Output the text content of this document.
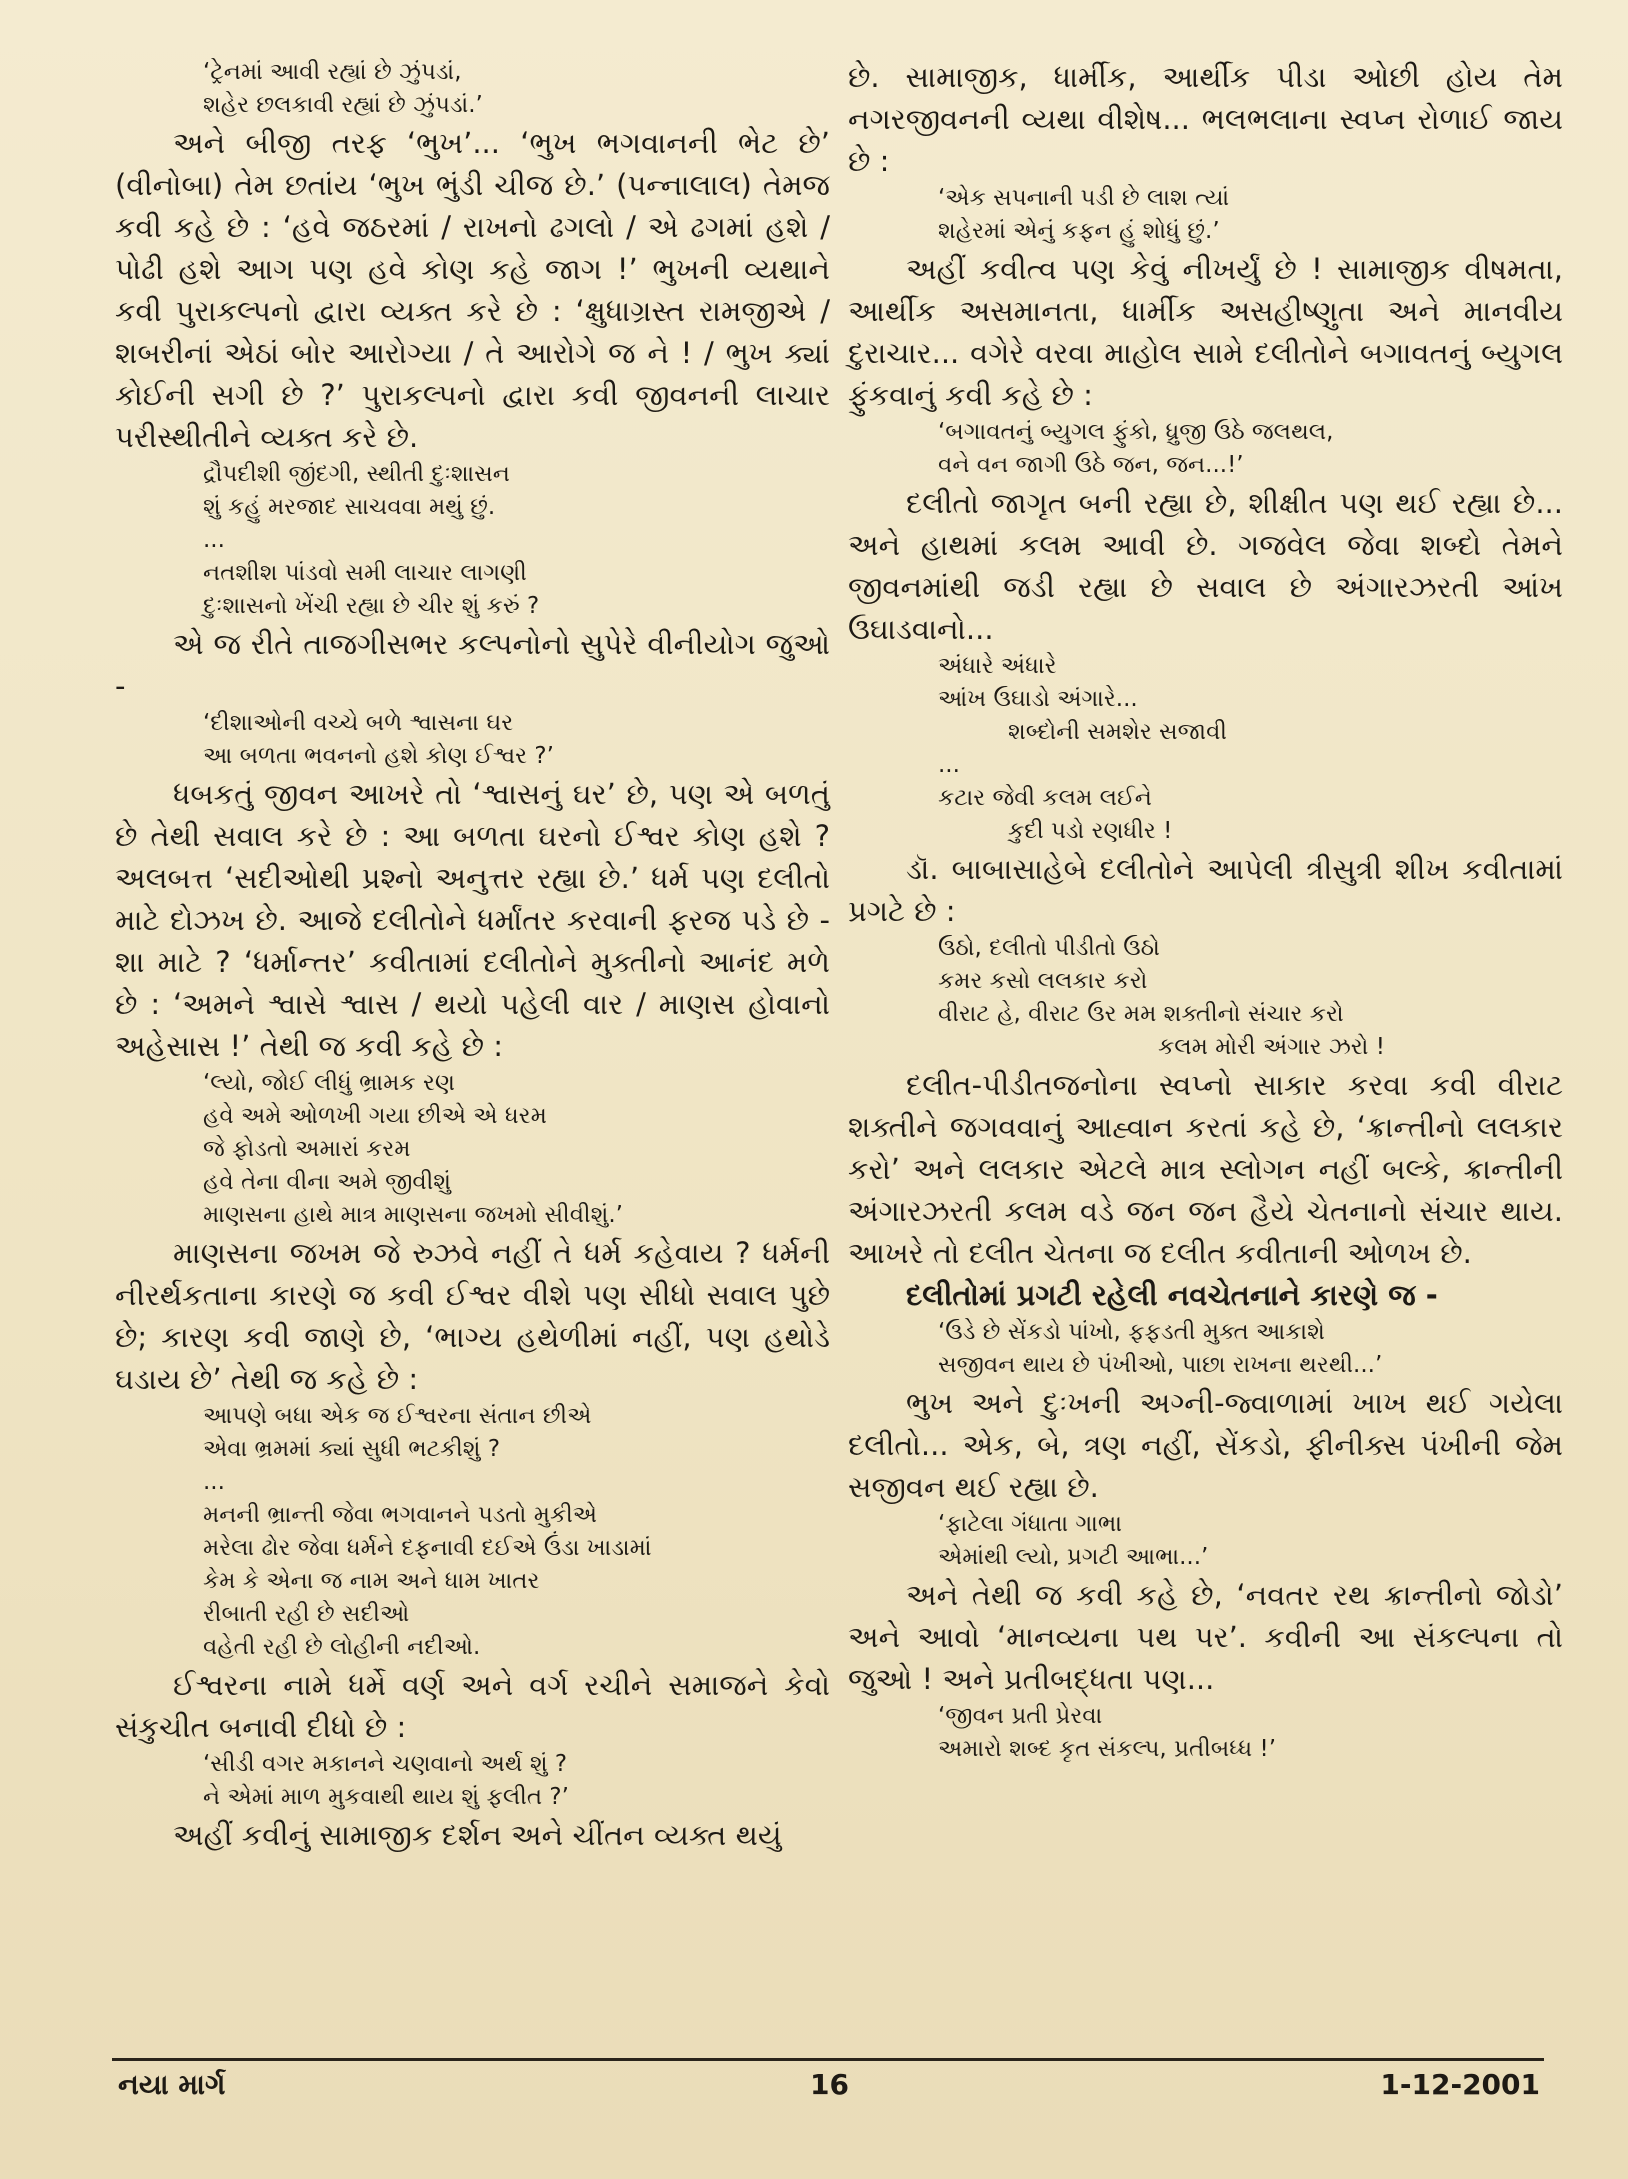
‘ટ્રેનમાં આવી રહ્યાં છે ઝુંપડાં,
શહેર છલકાવી રહ્યાં છે ઝુંપડાં.’

અને બીજી તરફ ‘ભુખ’... ‘ભુખ ભગવાનની ભેટ છે’ (વીનોબા) તેમ છતાંય ‘ભુખ ભુંડી ચીજ છે.’ (પન્નાલાલ) તેમજ કવી કહે છે : ‘હવે જઠરમાં / રાખનો ઢગલો / એ ઢગમાં હશે / પોઢી હશે આગ પણ હવે કોણ કહે જાગ !’ ભુખની વ્યથાને કવી પુરાકલ્પનો દ્વારા વ્યક્ત કરે છે : ‘ક્ષુધાગ્રસ્ત રામજીએ / શબરીનાં એઠાં બોર આરોગ્યા / તે આરોગે જ ને ! / ભુખ ક્યાં કોઈની સગી છે ?’ પુરાકલ્પનો દ્વારા કવી જીવનની લાચાર પરીસ્થીતીને વ્યક્ત કરે છે.

દ્રૌપદીશી જીંદગી, સ્થીતી દુઃશાસન
શું કહું મરજાદ સાચવવા મથું છું.
...
નતશીશ પાંડવો સમી લાચાર લાગણી
દુઃશાસનો ખેંચી રહ્યા છે ચીર શું કરું ?

એ જ રીતે તાજગીસભર કલ્પનોનો સુપેરે વીનીયોગ જુઓ -

‘દીશાઓની વચ્ચે બળે શ્વાસના ઘર
આ બળતા ભવનનો હશે કોણ ઈશ્વર ?’

ધબકતું જીવન આખરે તો ‘શ્વાસનું ઘર’ છે, પણ એ બળતું છે તેથી સવાલ કરે છે : આ બળતા ઘરનો ઈશ્વર કોણ હશે ? અલબત્ત ‘સદીઓથી પ્રશ્નો અનુત્તર રહ્યા છે.’ ધર્મ પણ દલીતો માટે દોઝખ છે. આજે દલીતોને ધર્માંતર કરવાની ફરજ પડે છે - શા માટે ? ‘ધર્માન્તર’ કવીતામાં દલીતોને મુક્તીનો આનંદ મળે છે : ‘અમને શ્વાસે શ્વાસ / થયો પહેલી વાર / માણસ હોવાનો અહેસાસ !’ તેથી જ કવી કહે છે :

‘લ્યો, જોઈ લીધું ભ્રામક રણ
હવે અમે ઓળખી ગયા છીએ એ ધરમ
જે ફોડતો અમારાં કરમ
હવે તેના વીના અમે જીવીશું
માણસના હાથે માત્ર માણસના જખમો સીવીશું.’

માણસના જખમ જે રુઝવે નહીં તે ધર્મ કહેવાય ? ધર્મની નીરર્થકતાના કારણે જ કવી ઈશ્વર વીશે પણ સીધો સવાલ પુછે છે; કારણ કવી જાણે છે, ‘ભાગ્ય હથેળીમાં નહીં, પણ હથોડે ઘડાય છે’ તેથી જ કહે છે :

આપણે બધા એક જ ઈશ્વરના સંતાન છીએ
એવા ભ્રમમાં ક્યાં સુધી ભટકીશું ?
...
મનની ભ્રાન્તી જેવા ભગવાનને પડતો મુકીએ
મરેલા ઢોર જેવા ધર્મને દફનાવી દઈએ ઉંડા ખાડામાં
કેમ કે એના જ નામ અને ધામ ખાતર
રીબાતી રહી છે સદીઓ
વહેતી રહી છે લોહીની નદીઓ.

ઈશ્વરના નામે ધર્મે વર્ણ અને વર્ગ રચીને સમાજને કેવો સંકુચીત બનાવી દીધો છે :

‘સીડી વગર મકાનને ચણવાનો અર્થ શું ?
ને એમાં માળ મુકવાથી થાય શું ફલીત ?’

અહીં કવીનું સામાજીક દર્શન અને ચીંતન વ્યક્ત થયું

છે. સામાજીક, ધાર્મીક, આર્થીક પીડા ઓછી હોય તેમ નગરજીવનની વ્યથા વીશેષ... ભલભલાના સ્વપ્ન રોળાઈ જાય છે :

‘એક સપનાની પડી છે લાશ ત્યાં
શહેરમાં એનું કફન હું શોધું છું.’

અહીં કવીત્વ પણ કેવું નીખર્યું છે ! સામાજીક વીષમતા, આર્થીક અસમાનતા, ધાર્મીક અસહીષ્ણુતા અને માનવીય દુરાચાર... વગેરે વરવા માહોલ સામે દલીતોને બગાવતનું બ્યુગલ ફુંકવાનું કવી કહે છે :

‘બગાવતનું બ્યુગલ ફુંકો, ધ્રુજી ઉઠે જલથલ,
વને વન જાગી ઉઠે જન, જન...!’

દલીતો જાગૃત બની રહ્યા છે, શીક્ષીત પણ થઈ રહ્યા છે... અને હાથમાં કલમ આવી છે. ગજવેલ જેવા શબ્દો તેમને જીવનમાંથી જડી રહ્યા છે સવાલ છે અંગારઝરતી આંખ ઉઘાડવાનો...

અંધારે અંધારે
આંખ ઉઘાડો અંગારે...
શબ્દોની સમશેર સજાવી
...
કટાર જેવી કલમ લઈને
કુદી પડો રણધીર !

ડૉ. બાબાસાહેબે દલીતોને આપેલી ત્રીસુત્રી શીખ કવીતામાં પ્રગટે છે :

ઉઠો, દલીતો પીડીતો ઉઠો
કમર કસો લલકાર કરો
વીરાટ હે, વીરાટ ઉર મમ શક્તીનો સંચાર કરો
કલમ મોરી અંગાર ઝરો !

દલીત-પીડીતજનોના સ્વપ્નો સાકાર કરવા કવી વીરાટ શક્તીને જગવવાનું આહ્વાન કરતાં કહે છે, ‘ક્રાન્તીનો લલકાર કરો’ અને લલકાર એટલે માત્ર સ્લોગન નહીં બલ્કે, ક્રાન્તીની અંગારઝરતી કલમ વડે જન જન હૈયે ચેતનાનો સંચાર થાય. આખરે તો દલીત ચેતના જ દલીત કવીતાની ઓળખ છે.

દલીતોમાં પ્રગટી રહેલી નવચેતનાને કારણે જ -

‘ઉડે છે સેંકડો પાંખો, ફફડતી મુક્ત આકાશે
સજીવન થાય છે પંખીઓ, પાછા રાખના થરથી...’

ભુખ અને દુઃખની અગ્ની-જ્વાળામાં ખાખ થઈ ગયેલા દલીતો... એક, બે, ત્રણ નહીં, સેંકડો, ફીનીક્સ પંખીની જેમ સજીવન થઈ રહ્યા છે.

‘ફાટેલા ગંધાતા ગાભા
એમાંથી લ્યો, પ્રગટી આભા...’

અને તેથી જ કવી કહે છે, ‘નવતર રથ ક્રાન્તીનો જોડો’ અને આવો ‘માનવ્યના પથ પર’. કવીની આ સંકલ્પના તો જુઓ ! અને પ્રતીબદ્ધતા પણ...

‘જીવન પ્રતી પ્રેરવા
અમારો શબ્દ કૃત સંકલ્પ, પ્રતીબધ્ધ !’
નયા માર્ગ	16	1-12-2001
